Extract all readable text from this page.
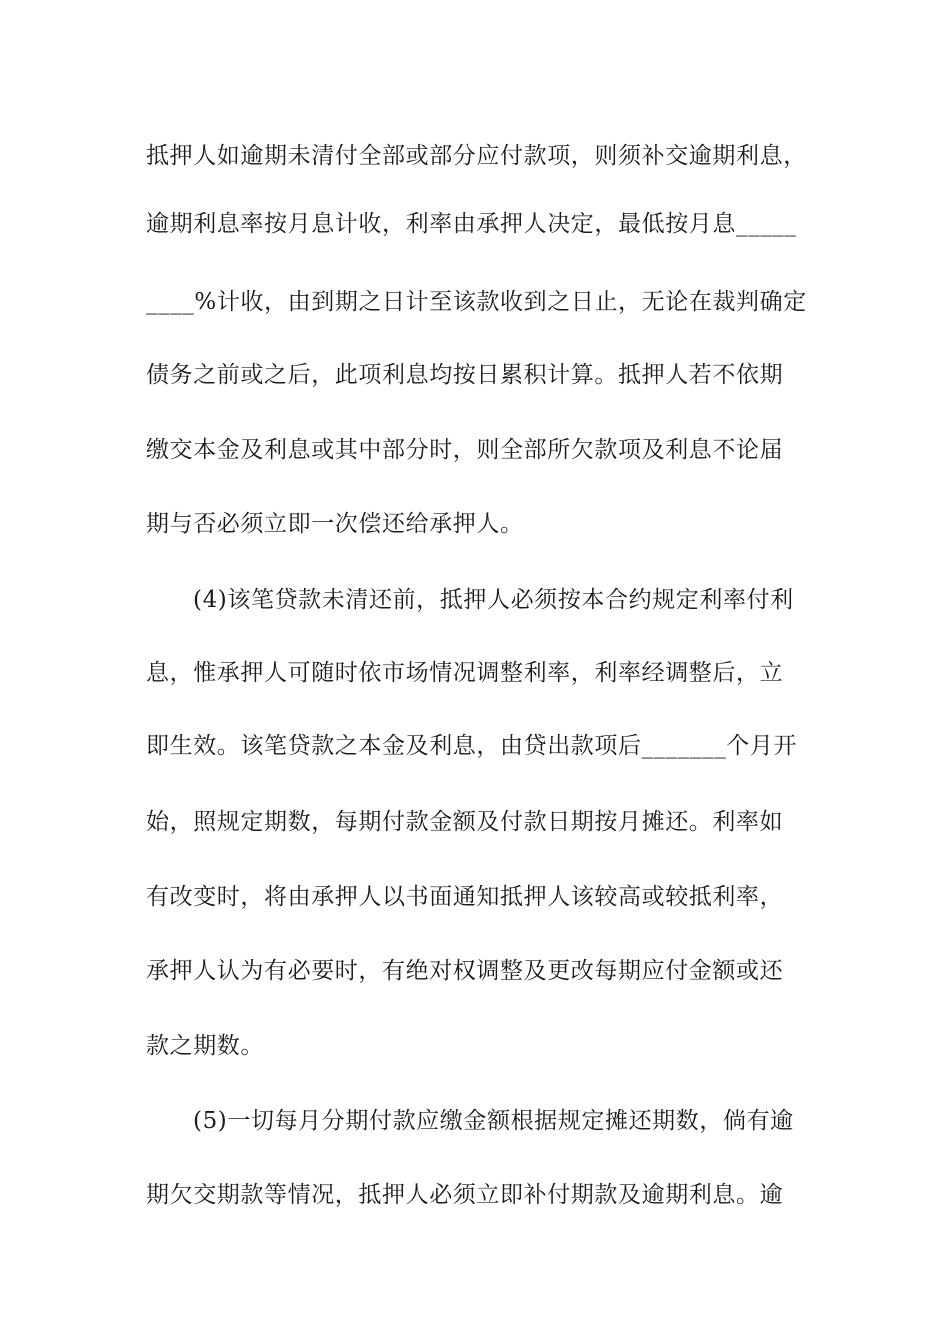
抵押人如逾期未清付全部或部分应付款项，则须补交逾期利息，
逾期利息率按月息计收，利率由承押人决定，最低按月息_____
____%计收，由到期之日计至该款收到之日止，无论在裁判确定
债务之前或之后，此项利息均按日累积计算。抵押人若不依期
缴交本金及利息或其中部分时，则全部所欠款项及利息不论届
期与否必须立即一次偿还给承押人。
(4)该笔贷款未清还前，抵押人必须按本合约规定利率付利
息，惟承押人可随时依市场情况调整利率，利率经调整后，立
即生效。该笔贷款之本金及利息，由贷出款项后_______个月开
始，照规定期数，每期付款金额及付款日期按月摊还。利率如
有改变时，将由承押人以书面通知抵押人该较高或较抵利率，
承押人认为有必要时，有绝对权调整及更改每期应付金额或还
款之期数。
(5)一切每月分期付款应缴金额根据规定摊还期数，倘有逾
期欠交期款等情况，抵押人必须立即补付期款及逾期利息。逾
